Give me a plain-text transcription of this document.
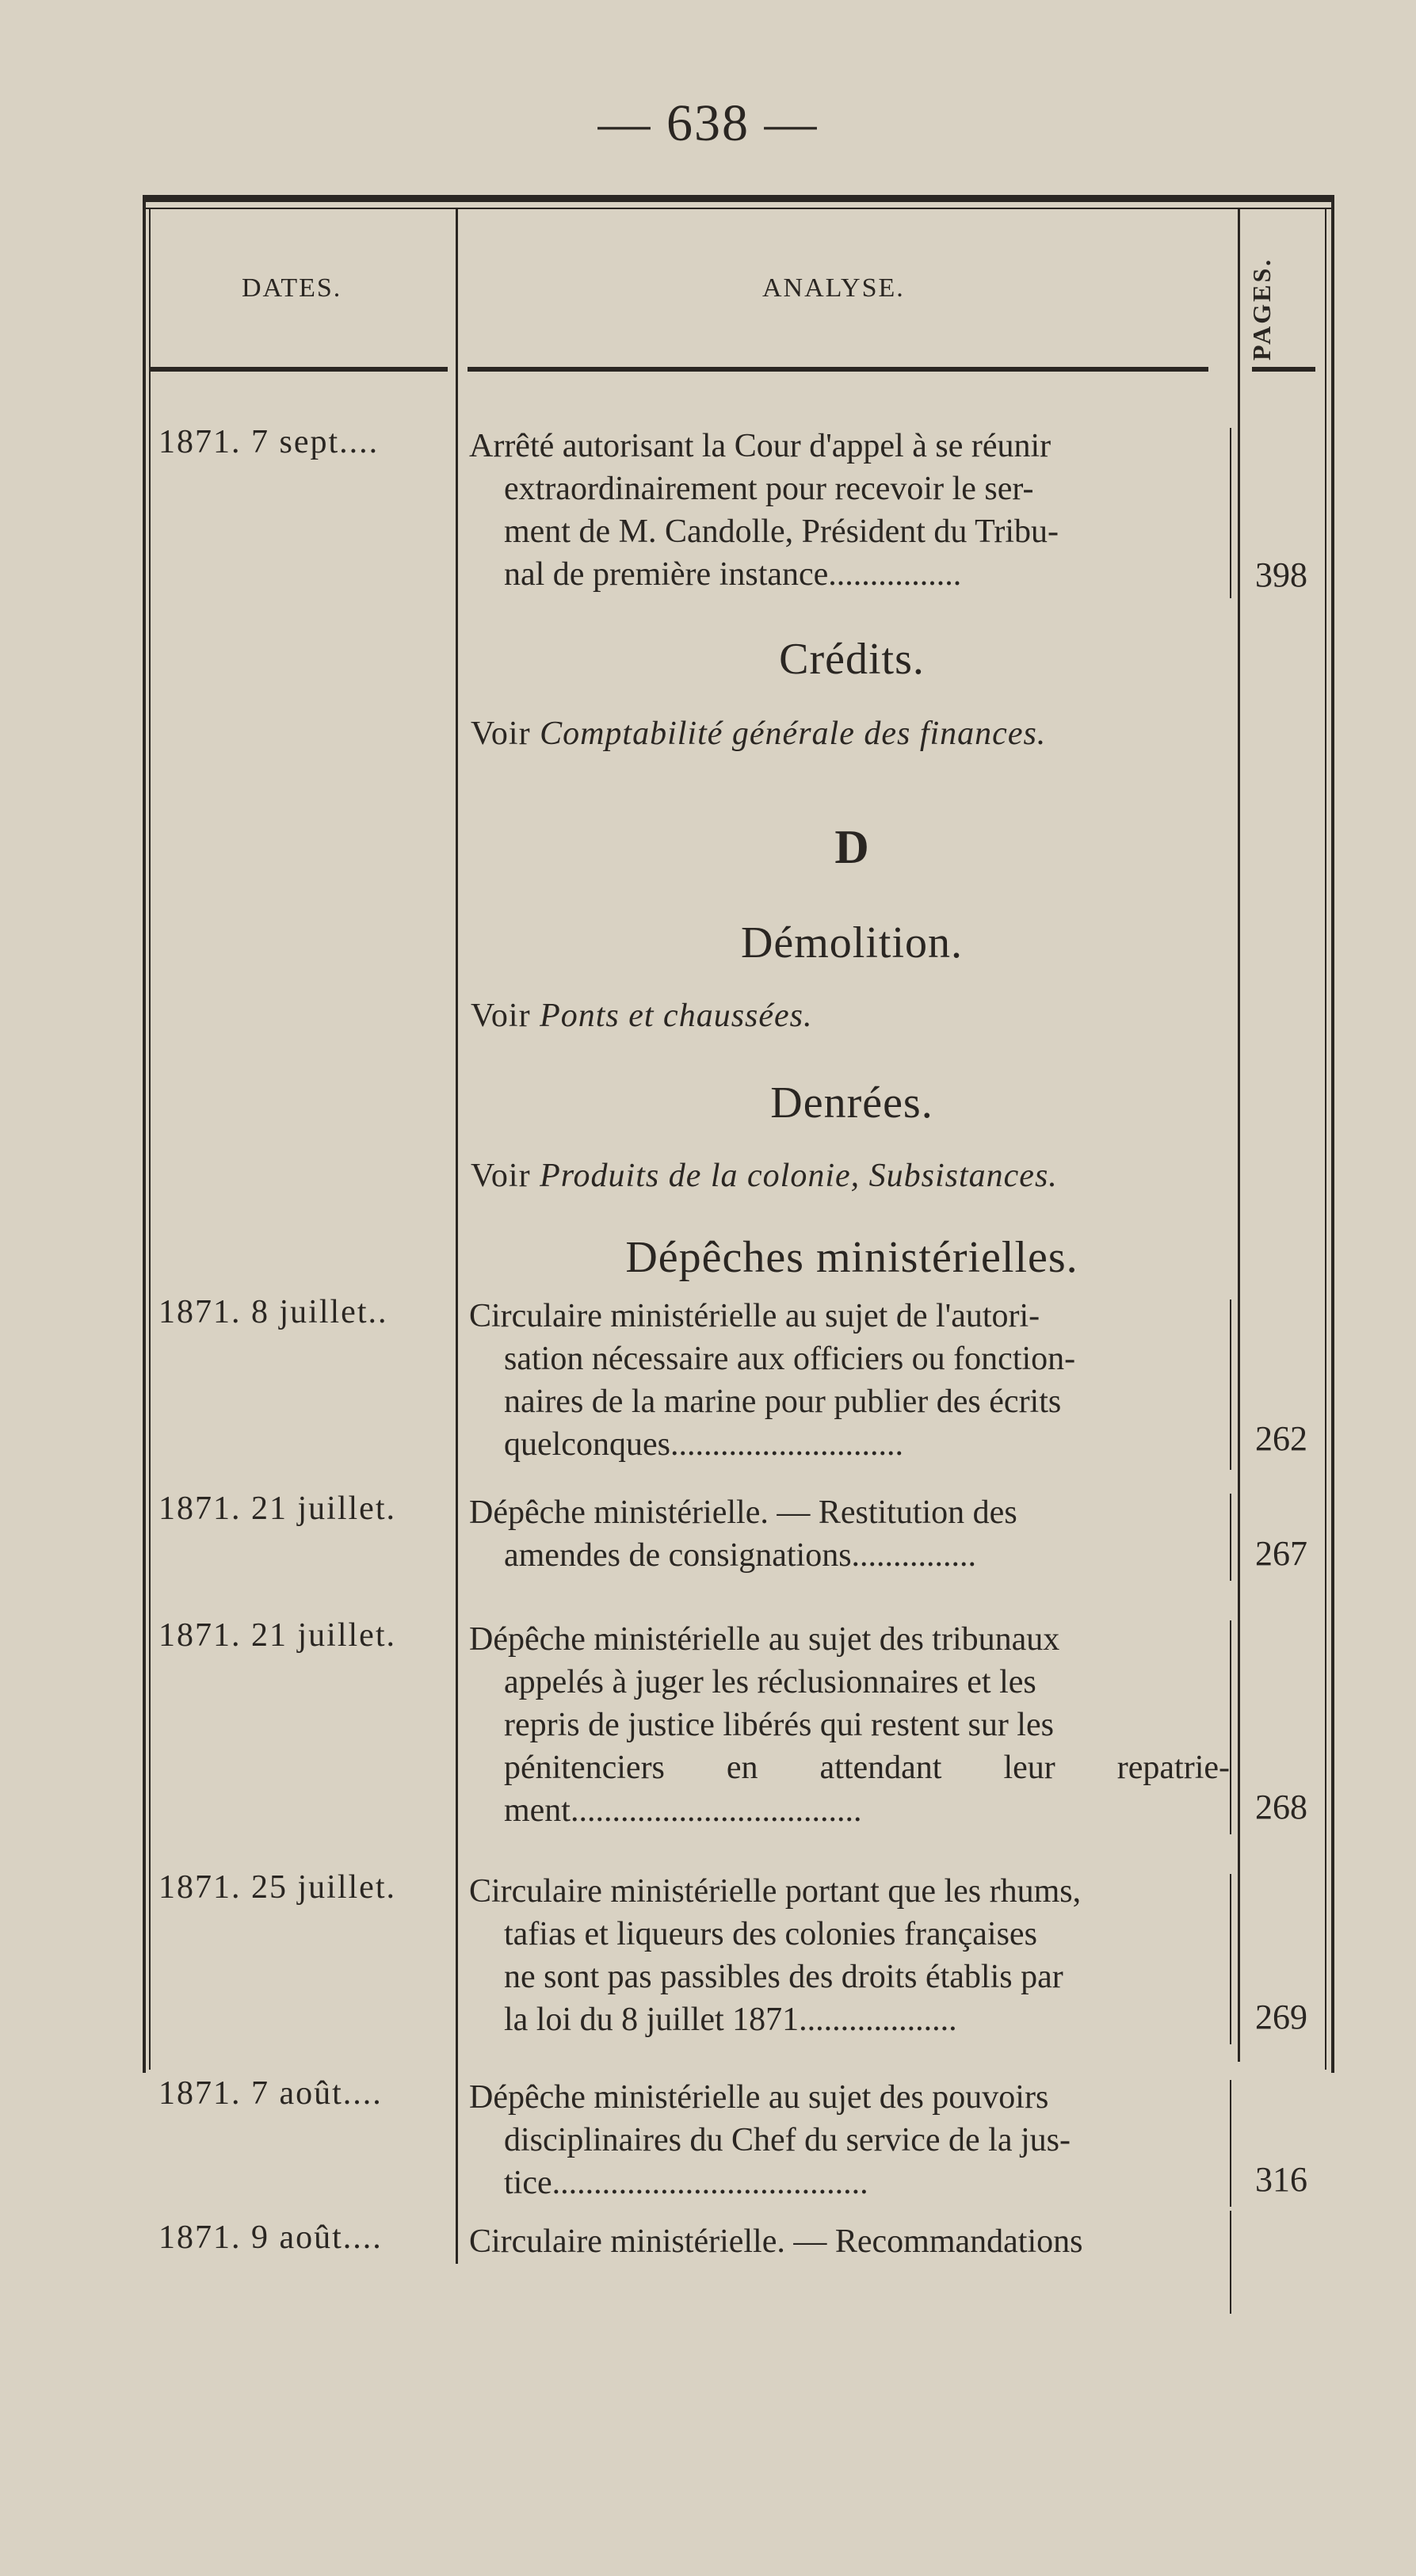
— 638 —
DATES.	ANALYSE.	PAGES.
1871. 7 sept....	Arrêté autorisant la Cour d'appel à se réunir
extraordinairement pour recevoir le ser-
ment de M. Candolle, Président du Tribu-
nal de première instance................	398
Crédits.
Voir Comptabilité générale des finances.
D
Démolition.
Voir Ponts et chaussées.
Denrées.
Voir Produits de la colonie, Subsistances.
Dépêches ministérielles.
1871. 8 juillet.. Circulaire ministérielle au sujet de l'autori-
sation nécessaire aux officiers ou fonction-
naires de la marine pour publier des écrits
quelconques............................	262
1871. 21 juillet. Dépêche ministérielle. — Restitution des
amendes de consignations...............	267
1871. 21 juillet. Dépêche ministérielle au sujet des tribunaux
appelés à juger les réclusionnaires et les
repris de justice libérés qui restent sur les
pénitenciers en attendant leur repatrie-
ment...................................	268
1871. 25 juillet. Circulaire ministérielle portant que les rhums,
tafias et liqueurs des colonies françaises
ne sont pas passibles des droits établis par
la loi du 8 juillet 1871...................	269
1871. 7 août....	Dépêche ministérielle au sujet des pouvoirs
disciplinaires du Chef du service de la jus-
tice......................................	316
1871. 9 août....	Circulaire ministérielle. — Recommandations
